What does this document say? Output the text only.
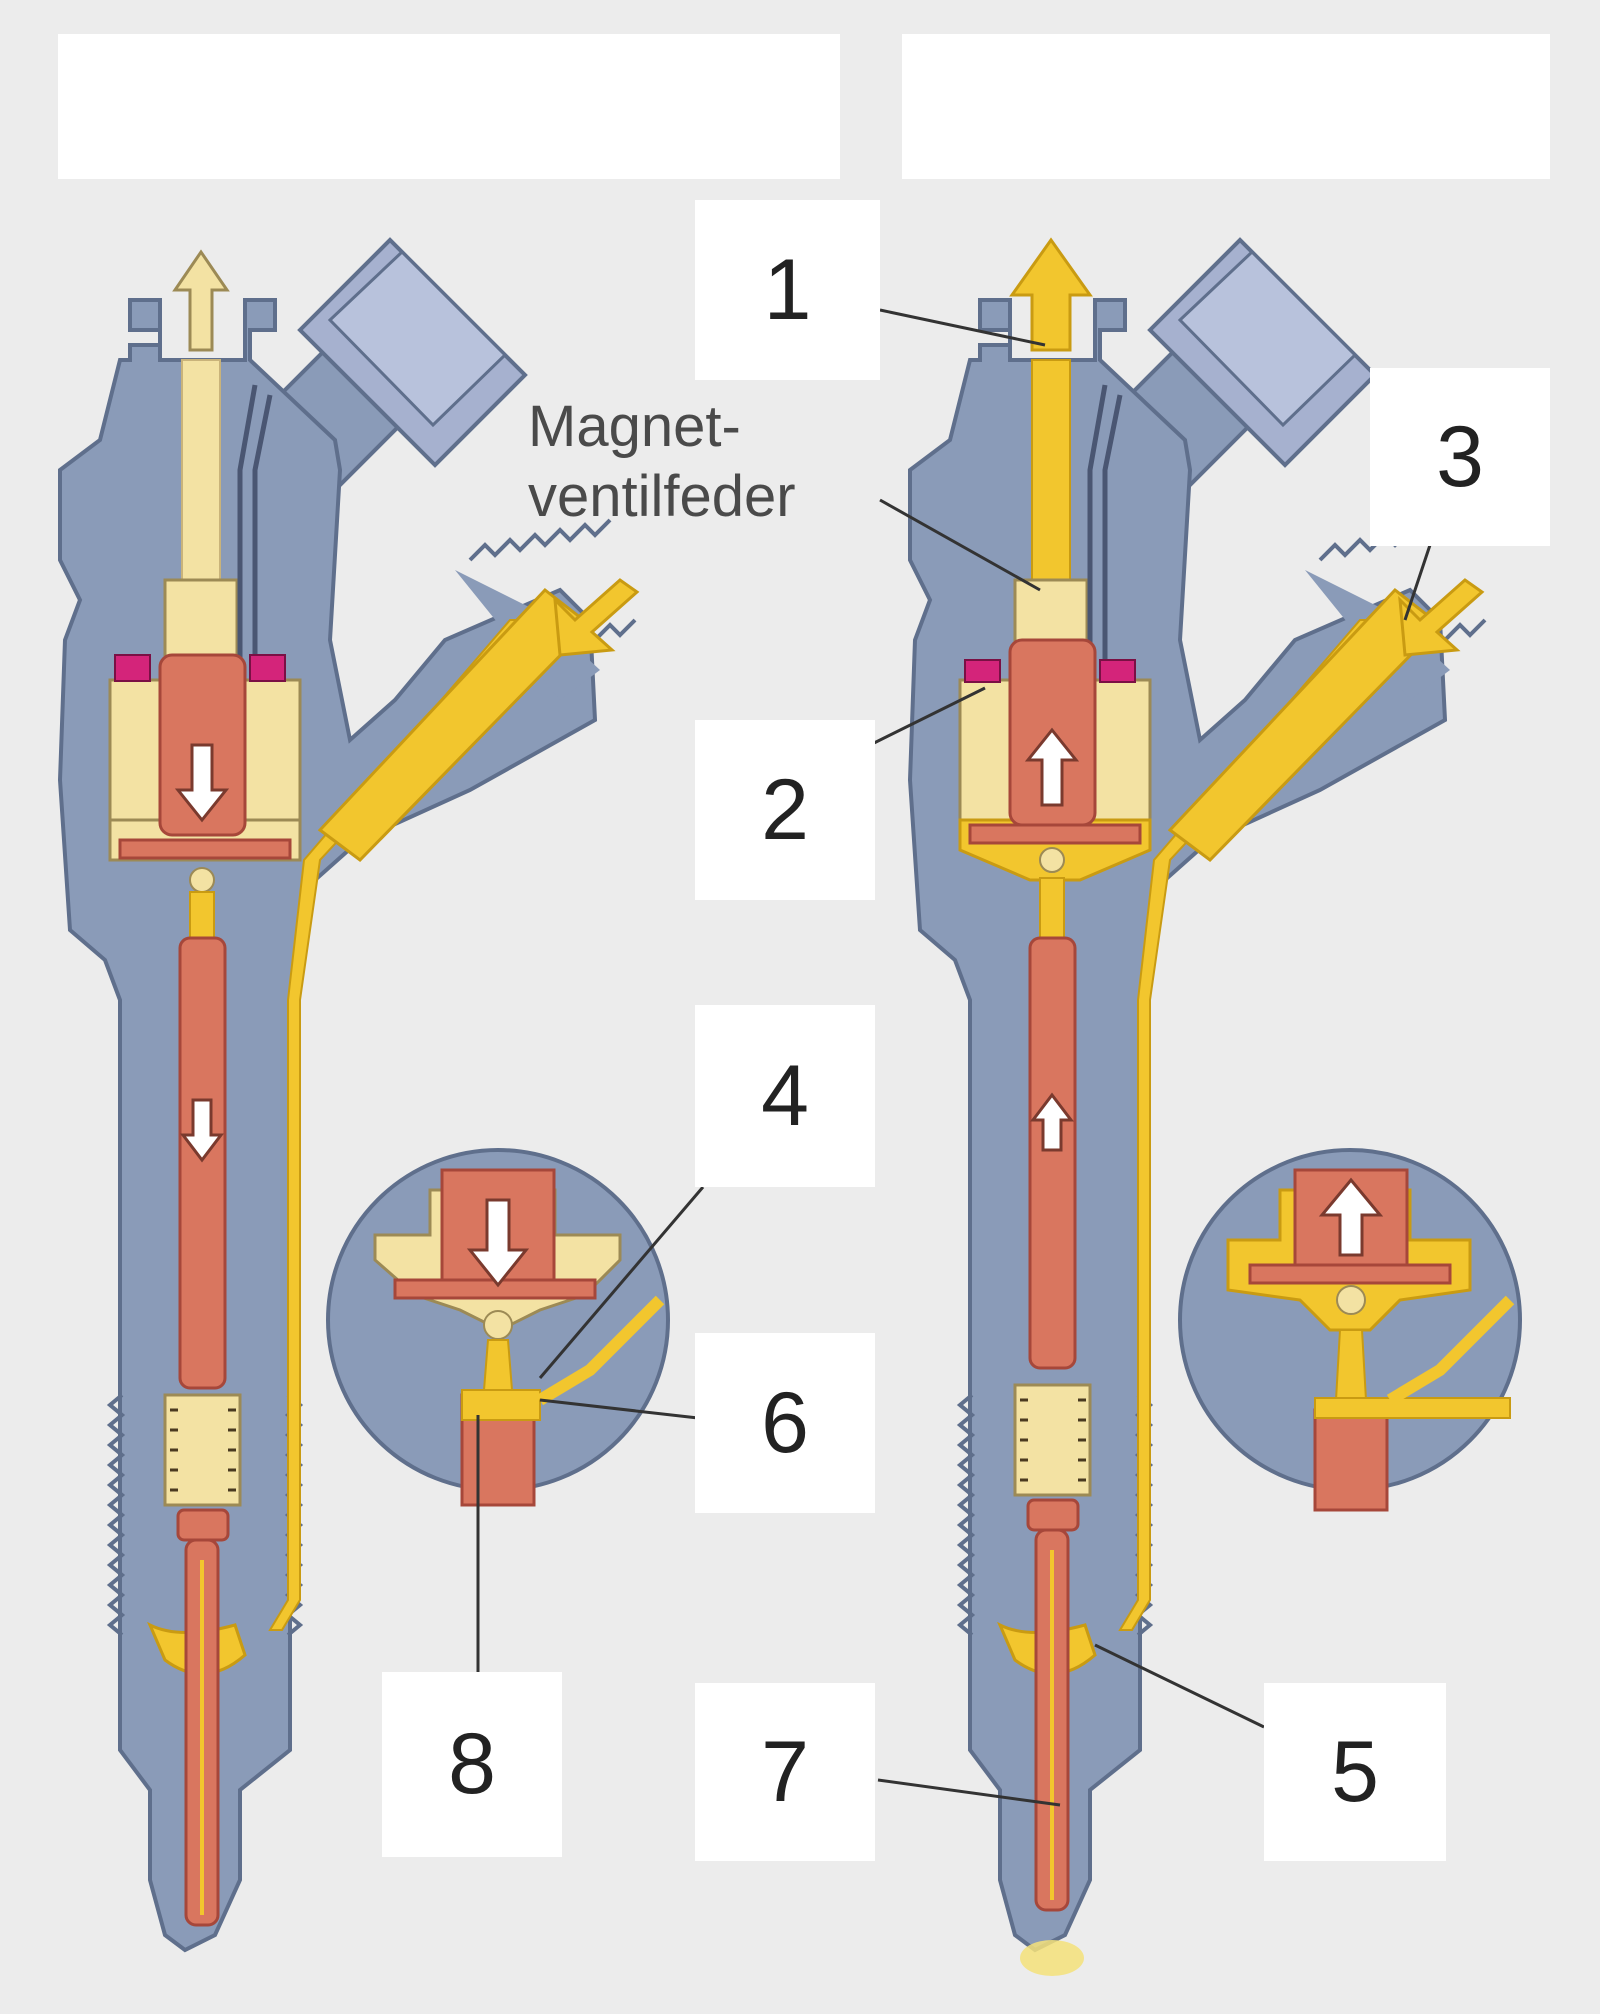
Magnet-
ventilfeder
1
3
2
4
6
8	7	5
